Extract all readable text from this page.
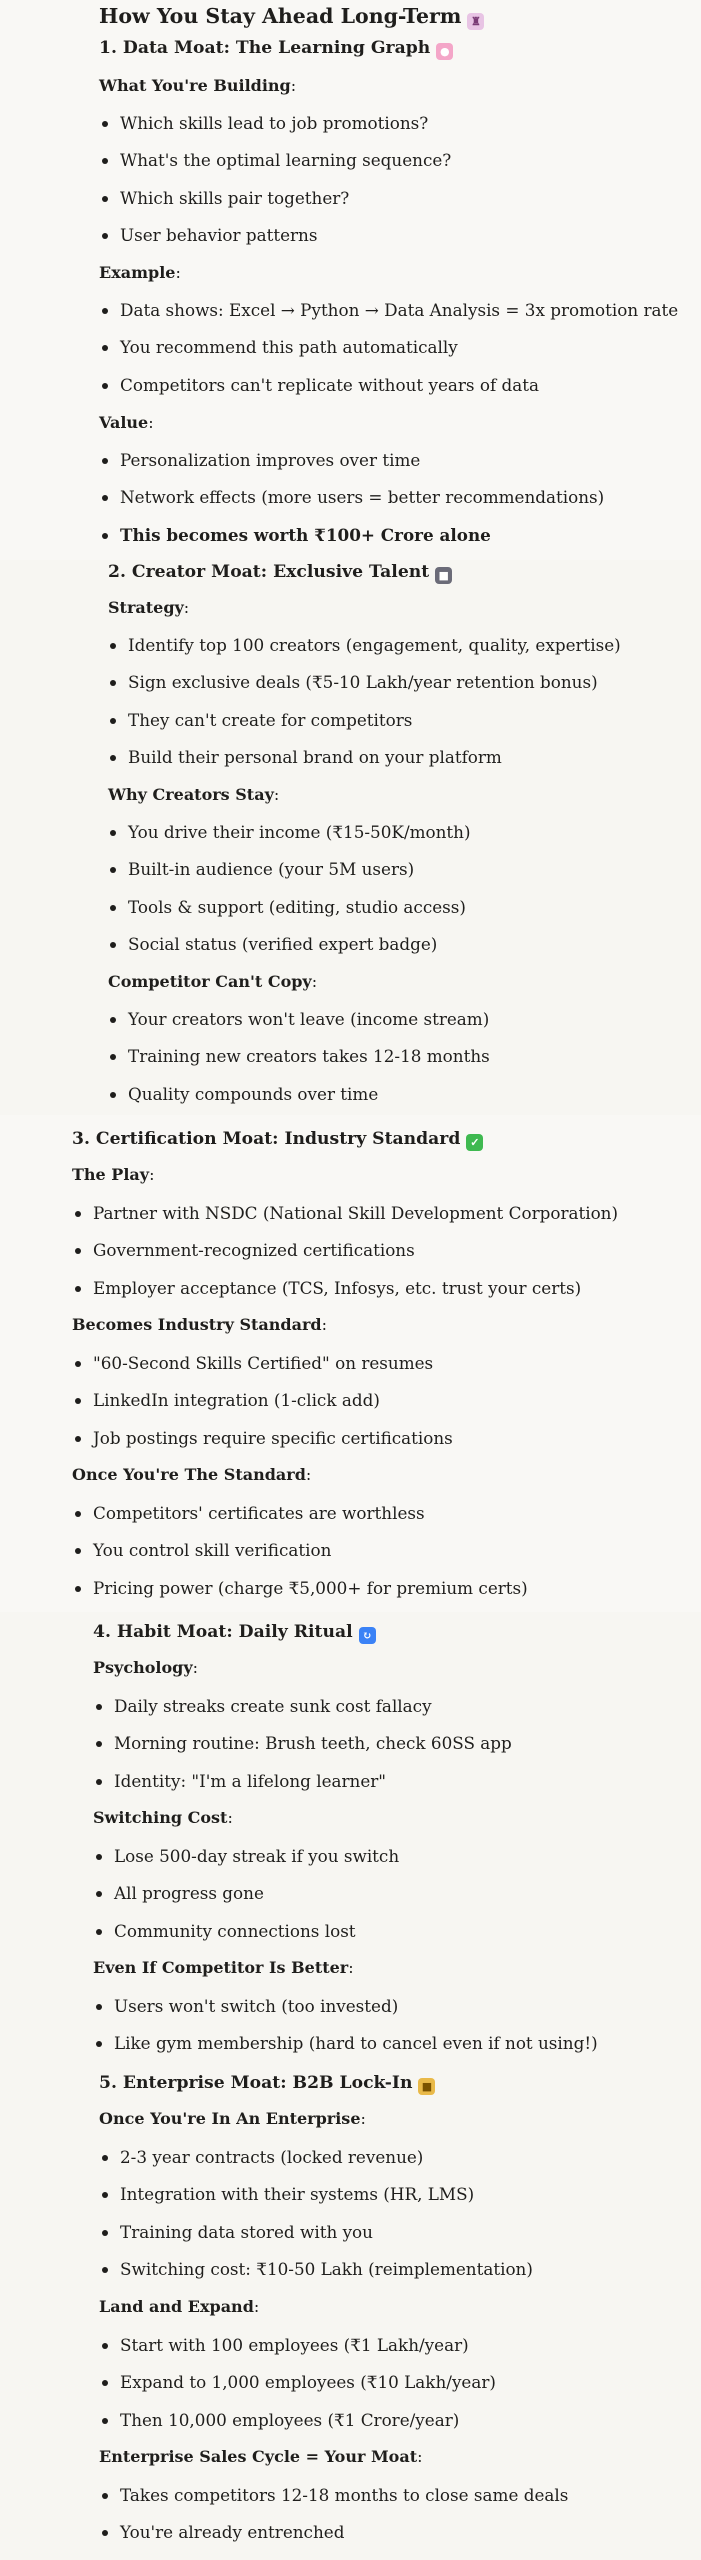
How You Stay Ahead Long-Term ♜
1. Data Moat: The Learning Graph ●
What You're Building:
Which skills lead to job promotions?
What's the optimal learning sequence?
Which skills pair together?
User behavior patterns
Example:
Data shows: Excel → Python → Data Analysis = 3x promotion rate
You recommend this path automatically
Competitors can't replicate without years of data
Value:
Personalization improves over time
Network effects (more users = better recommendations)
This becomes worth ₹100+ Crore alone
2. Creator Moat: Exclusive Talent ■
Strategy:
Identify top 100 creators (engagement, quality, expertise)
Sign exclusive deals (₹5-10 Lakh/year retention bonus)
They can't create for competitors
Build their personal brand on your platform
Why Creators Stay:
You drive their income (₹15-50K/month)
Built-in audience (your 5M users)
Tools & support (editing, studio access)
Social status (verified expert badge)
Competitor Can't Copy:
Your creators won't leave (income stream)
Training new creators takes 12-18 months
Quality compounds over time
3. Certification Moat: Industry Standard ✓
The Play:
Partner with NSDC (National Skill Development Corporation)
Government-recognized certifications
Employer acceptance (TCS, Infosys, etc. trust your certs)
Becomes Industry Standard:
"60-Second Skills Certified" on resumes
LinkedIn integration (1-click add)
Job postings require specific certifications
Once You're The Standard:
Competitors' certificates are worthless
You control skill verification
Pricing power (charge ₹5,000+ for premium certs)
4. Habit Moat: Daily Ritual ↻
Psychology:
Daily streaks create sunk cost fallacy
Morning routine: Brush teeth, check 60SS app
Identity: "I'm a lifelong learner"
Switching Cost:
Lose 500-day streak if you switch
All progress gone
Community connections lost
Even If Competitor Is Better:
Users won't switch (too invested)
Like gym membership (hard to cancel even if not using!)
5. Enterprise Moat: B2B Lock-In ■
Once You're In An Enterprise:
2-3 year contracts (locked revenue)
Integration with their systems (HR, LMS)
Training data stored with you
Switching cost: ₹10-50 Lakh (reimplementation)
Land and Expand:
Start with 100 employees (₹1 Lakh/year)
Expand to 1,000 employees (₹10 Lakh/year)
Then 10,000 employees (₹1 Crore/year)
Enterprise Sales Cycle = Your Moat:
Takes competitors 12-18 months to close same deals
You're already entrenched
